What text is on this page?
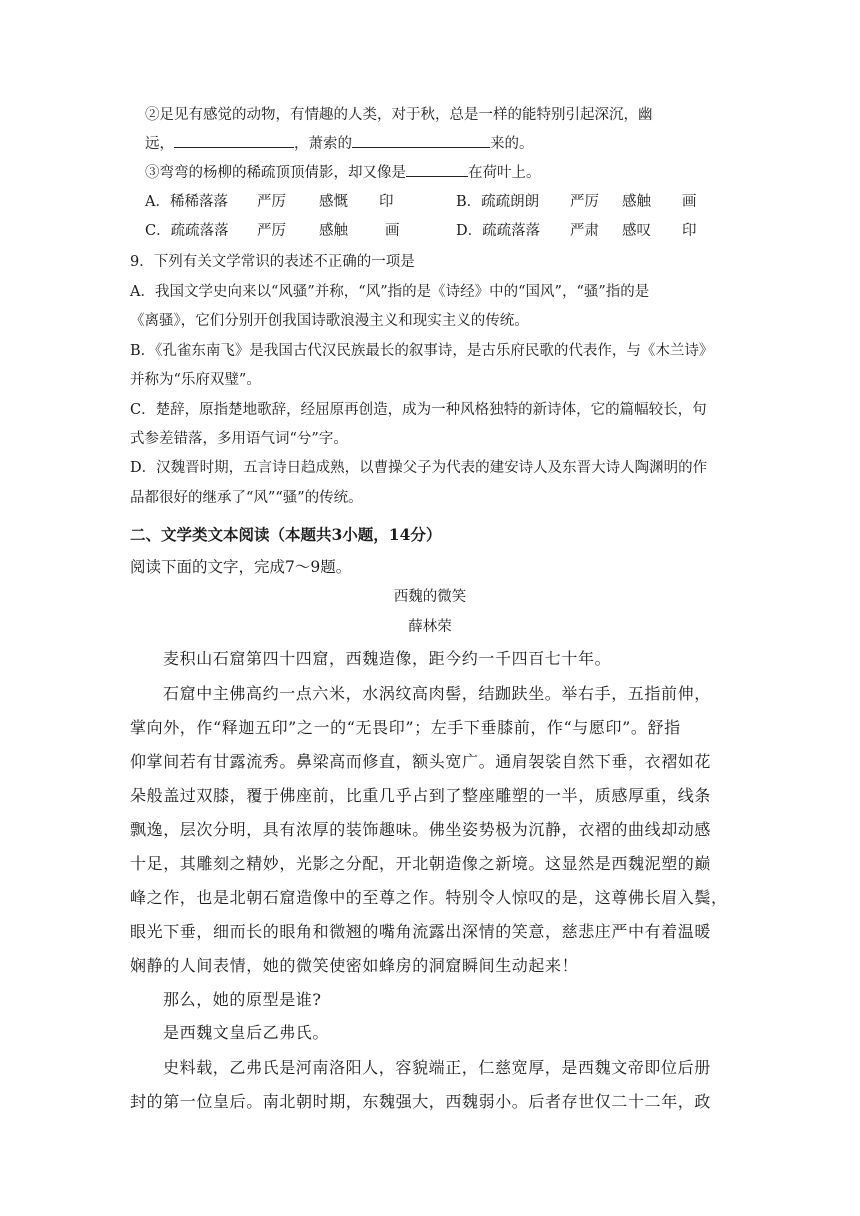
②足见有感觉的动物，有情趣的人类，对于秋，总是一样的能特别引起深沉，幽
远，	，萧索的	来的。
③弯弯的杨柳的稀疏顶顶倩影，却又像是	在荷叶上。
A．稀稀落落 严厉 感慨 印	B．疏疏朗朗 严厉 感触 画
C．疏疏落落 严厉 感触	画	D．疏疏落落 严肃 感叹 印
9．下列有关文学常识的表述不正确的一项是
A．我国文学史向来以“风骚”并称，“风”指的是《诗经》中的“国风”，“骚”指的是
《离骚》，它们分别开创我国诗歌浪漫主义和现实主义的传统。
B．《孔雀东南飞》是我国古代汉民族最长的叙事诗，是古乐府民歌的代表作，与《木兰诗》
并称为“乐府双璧”。
C．楚辞，原指楚地歌辞，经屈原再创造，成为一种风格独特的新诗体，它的篇幅较长，句
式参差错落，多用语气词“兮”字。
D．汉魏晋时期，五言诗日趋成熟，以曹操父子为代表的建安诗人及东晋大诗人陶渊明的作
品都很好的继承了“风”“骚”的传统。
二、文学类文本阅读（本题共3小题，14分）
阅读下面的文字，完成7～9题。
西魏的微笑
薛林荣
麦积山石窟第四十四窟，西魏造像，距今约一千四百七十年。
石窟中主佛高约一点六米，水涡纹高肉髻，结跏趺坐。举右手，五指前伸，
掌向外，作“释迦五印”之一的“无畏印”；左手下垂膝前，作“与愿印”。舒指
仰掌间若有甘露流秀。鼻梁高而修直，额头宽广。通肩袈裟自然下垂，衣褶如花
朵般盖过双膝，覆于佛座前，比重几乎占到了整座雕塑的一半，质感厚重，线条
飘逸，层次分明，具有浓厚的装饰趣味。佛坐姿势极为沉静，衣褶的曲线却动感
十足，其雕刻之精妙，光影之分配，开北朝造像之新境。这显然是西魏泥塑的巅
峰之作，也是北朝石窟造像中的至尊之作。特别令人惊叹的是，这尊佛长眉入鬓，
眼光下垂，细而长的眼角和微翘的嘴角流露出深情的笑意，慈悲庄严中有着温暖
娴静的人间表情，她的微笑使密如蜂房的洞窟瞬间生动起来！
那么，她的原型是谁?
是西魏文皇后乙弗氏。
史料载，乙弗氏是河南洛阳人，容貌端正，仁慈宽厚，是西魏文帝即位后册
封的第一位皇后。南北朝时期，东魏强大，西魏弱小。后者存世仅二十二年，政
